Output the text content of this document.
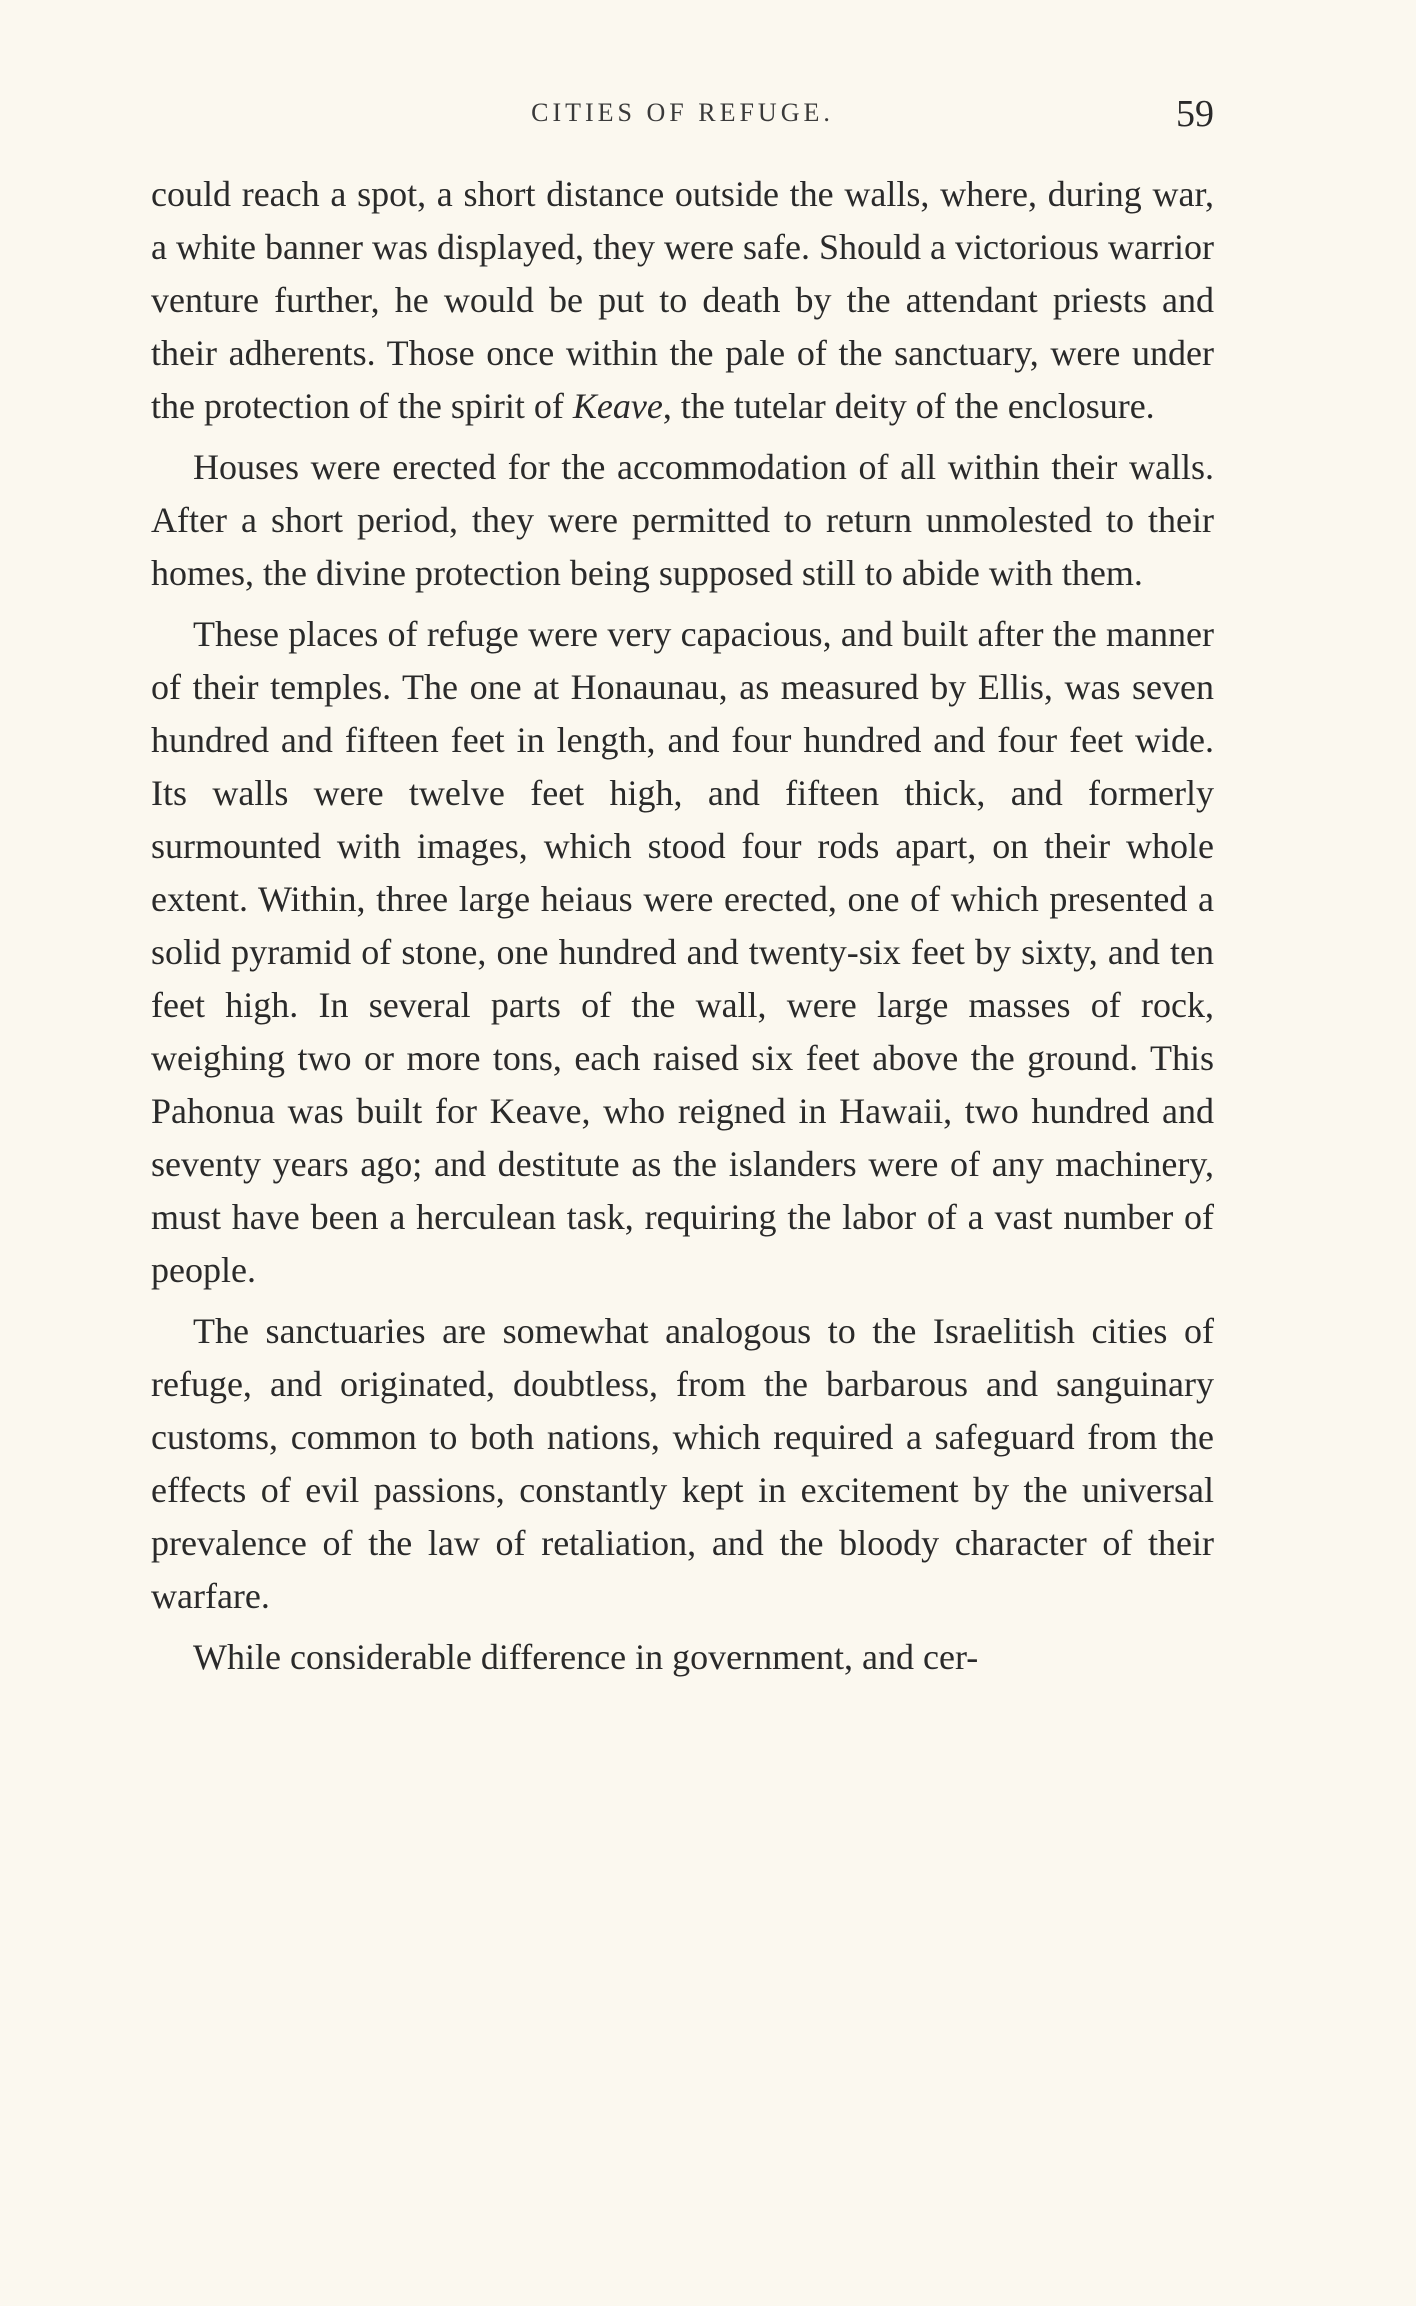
CITIES OF REFUGE.	59

could reach a spot, a short distance outside the walls, where, during war, a white banner was displayed, they were safe. Should a victorious warrior venture further, he would be put to death by the attendant priests and their adherents. Those once within the pale of the sanctuary, were under the protection of the spirit of Keave, the tutelar deity of the enclosure.

Houses were erected for the accommodation of all within their walls. After a short period, they were permitted to return unmolested to their homes, the divine protection being supposed still to abide with them.

These places of refuge were very capacious, and built after the manner of their temples. The one at Honaunau, as measured by Ellis, was seven hundred and fifteen feet in length, and four hundred and four feet wide. Its walls were twelve feet high, and fifteen thick, and formerly surmounted with images, which stood four rods apart, on their whole extent. Within, three large heiaus were erected, one of which presented a solid pyramid of stone, one hundred and twenty-six feet by sixty, and ten feet high. In several parts of the wall, were large masses of rock, weighing two or more tons, each raised six feet above the ground. This Pahonua was built for Keave, who reigned in Hawaii, two hundred and seventy years ago; and destitute as the islanders were of any machinery, must have been a herculean task, requiring the labor of a vast number of people.

The sanctuaries are somewhat analogous to the Israelitish cities of refuge, and originated, doubtless, from the barbarous and sanguinary customs, common to both nations, which required a safeguard from the effects of evil passions, constantly kept in excitement by the universal prevalence of the law of retaliation, and the bloody character of their warfare.

While considerable difference in government, and cer-
